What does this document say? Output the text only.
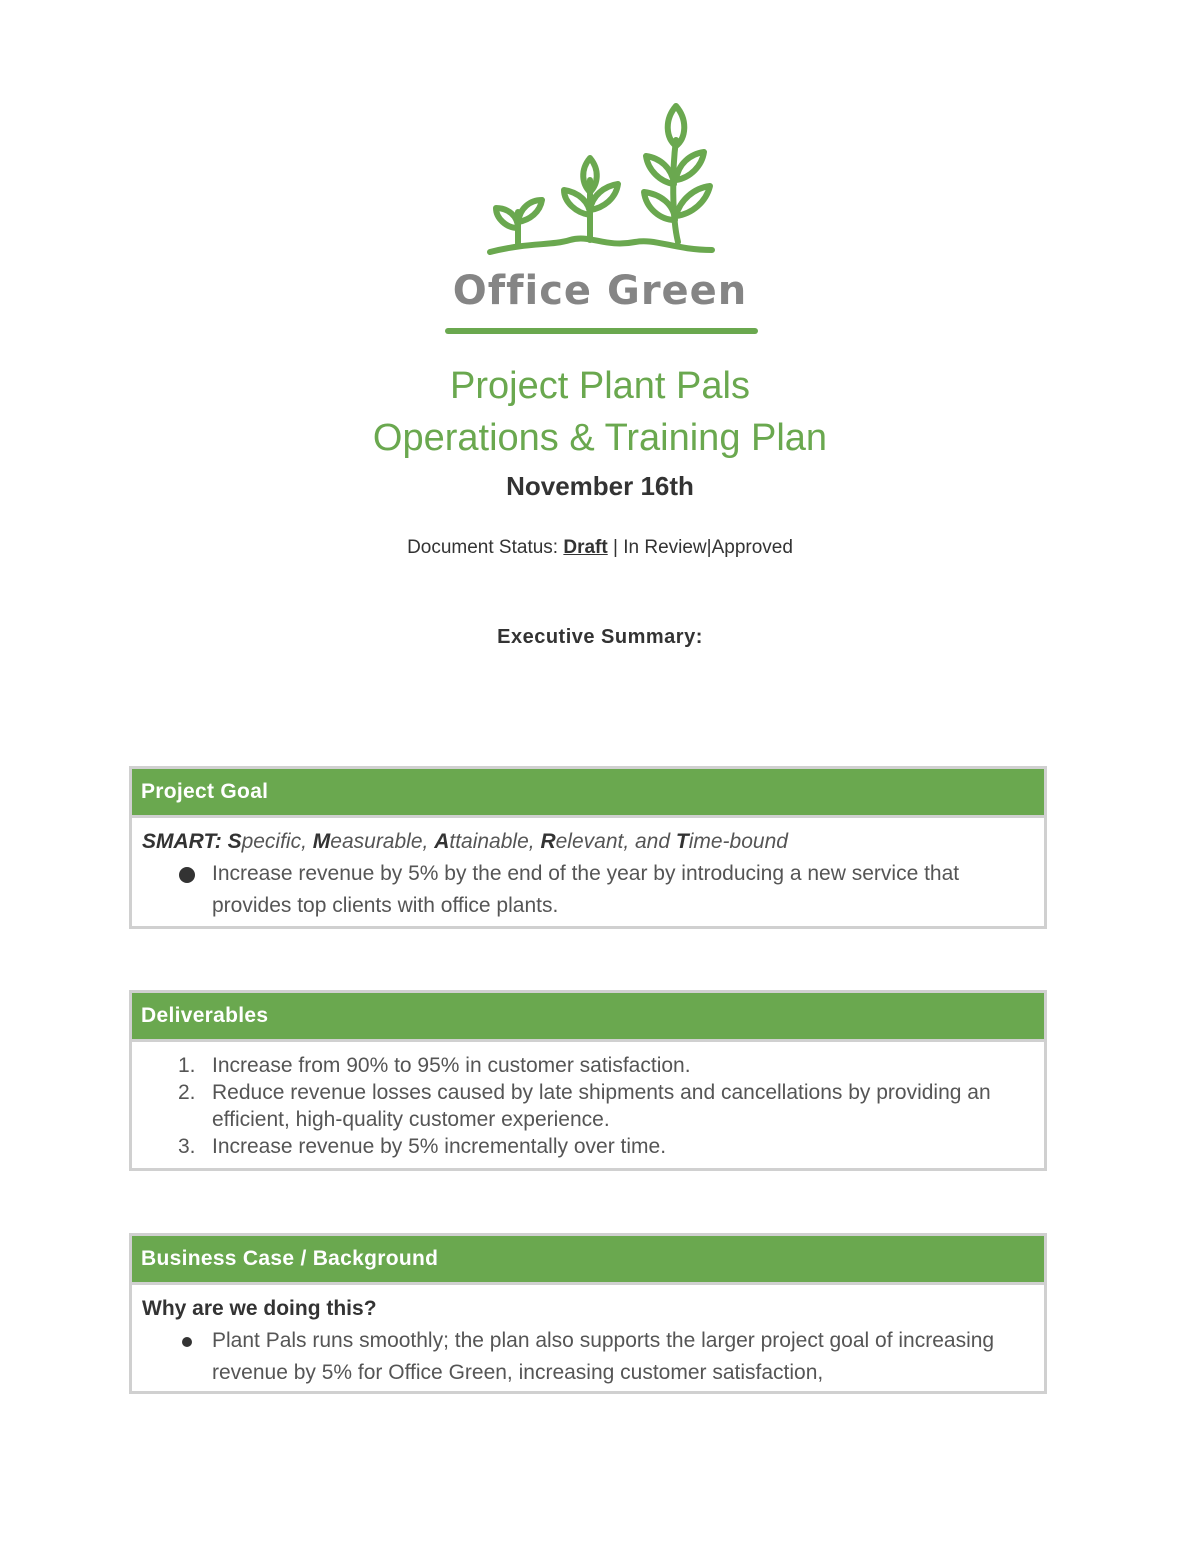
Office Green
Project Plant Pals
Operations & Training Plan
November 16th
Document Status: Draft | In Review|Approved
Executive Summary:
Project Goal
SMART: Specific, Measurable, Attainable, Relevant, and Time-bound
Increase revenue by 5% by the end of the year by introducing a new service that provides top clients with office plants.
Deliverables
1. Increase from 90% to 95% in customer satisfaction.
2. Reduce revenue losses caused by late shipments and cancellations by providing an efficient, high-quality customer experience.
3. Increase revenue by 5% incrementally over time.
Business Case / Background
Why are we doing this?
Plant Pals runs smoothly; the plan also supports the larger project goal of increasing revenue by 5% for Office Green, increasing customer satisfaction,
